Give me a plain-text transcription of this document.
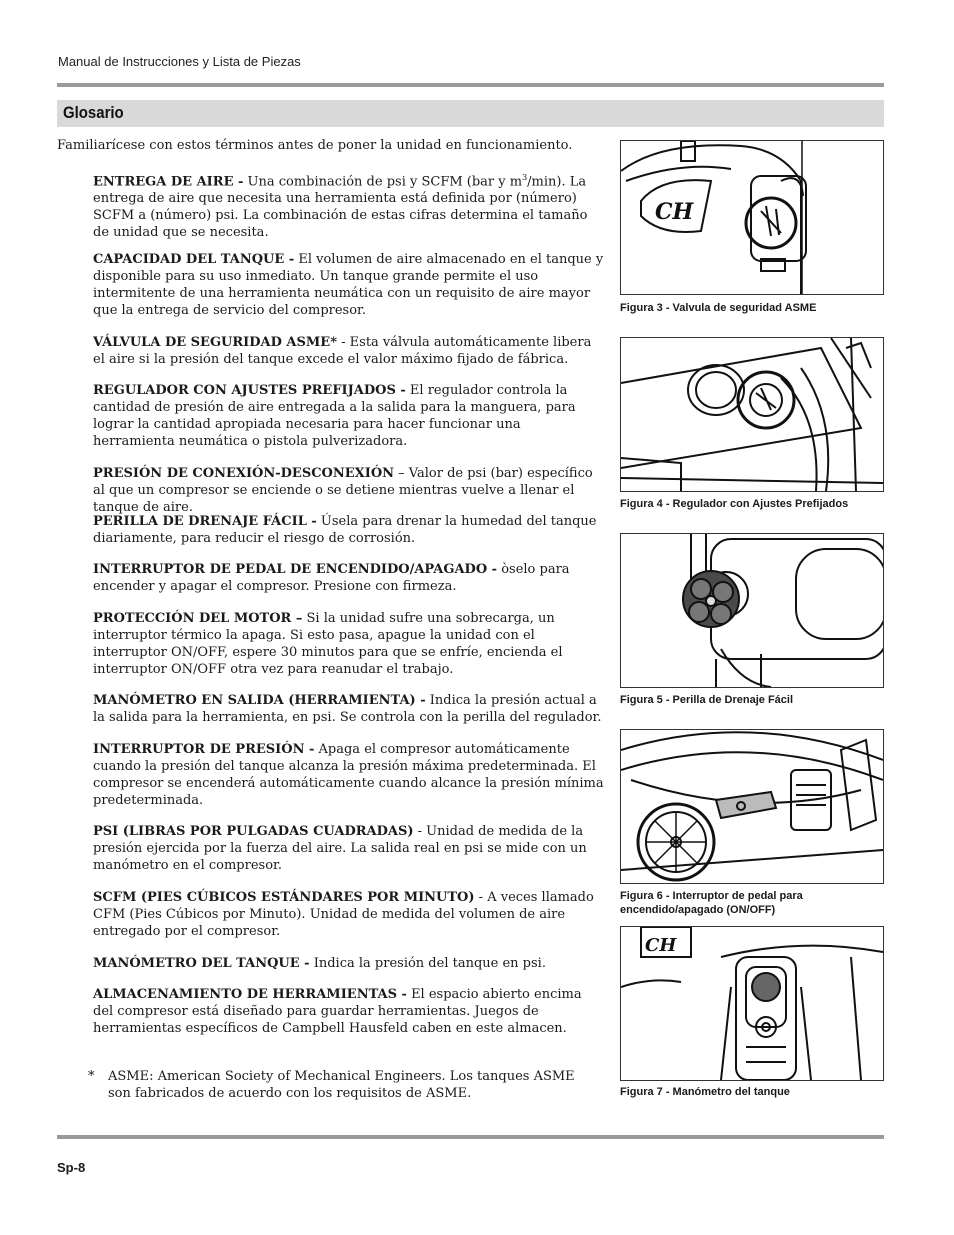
Manual de Instrucciones y Lista de Piezas
Glosario
Familiarícese con estos términos antes de poner la unidad en funcionamiento.
ENTREGA DE AIRE - Una combinación de psi y SCFM (bar y $m^3/\min$). La entrega de aire que necesita una herramienta está definida por (número) SCFM a (número) psi. La combinación de estas cifras determina el tamaño de unidad que se necesita.
CAPACIDAD DEL TANQUE - El volumen de aire almacenado en el tanque y disponible para su uso inmediato. Un tanque grande permite el uso intermitente de una herramienta neumática con un requisito de aire mayor que la entrega de servicio del compresor.
VÁLVULA DE SEGURIDAD ASME* - Esta válvula automáticamente libera el aire si la presión del tanque excede el valor máximo fijado de fábrica.
REGULADOR CON AJUSTES PREFIJADOS - El regulador controla la cantidad de presión de aire entregada a la salida para la manguera, para lograr la cantidad apropiada necesaria para hacer funcionar una herramienta neumática o pistola pulverizadora.
PRESIÓN DE CONEXIÓN-DESCONEXIÓN – Valor de psi (bar) específico al que un compresor se enciende o se detiene mientras vuelve a llenar el tanque de aire.
PERILLA DE DRENAJE FÁCIL - Úsela para drenar la humedad del tanque diariamente, para reducir el riesgo de corrosión.
INTERRUPTOR DE PEDAL DE ENCENDIDO/APAGADO - òselo para encender y apagar el compresor. Presione con firmeza.
PROTECCIÓN DEL MOTOR – Si la unidad sufre una sobrecarga, un interruptor térmico la apaga. Si esto pasa, apague la unidad con el interruptor ON/OFF, espere 30 minutos para que se enfríe, encienda el interruptor ON/OFF otra vez para reanudar el trabajo.
MANÓMETRO EN SALIDA (HERRAMIENTA) - Indica la presión actual a la salida para la herramienta, en psi. Se controla con la perilla del regulador.
INTERRUPTOR DE PRESIÓN - Apaga el compresor automáticamente cuando la presión del tanque alcanza la presión máxima predeterminada. El compresor se encenderá automáticamente cuando alcance la presión mínima predeterminada.
PSI (LIBRAS POR PULGADAS CUADRADAS) - Unidad de medida de la presión ejercida por la fuerza del aire. La salida real en psi se mide con un manómetro en el compresor.
SCFM (PIES CÚBICOS ESTÁNDARES POR MINUTO) - A veces llamado CFM (Pies Cúbicos por Minuto). Unidad de medida del volumen de aire entregado por el compresor.
MANÓMETRO DEL TANQUE - Indica la presión del tanque en psi.
ALMACENAMIENTO DE HERRAMIENTAS - El espacio abierto encima del compresor está diseñado para guardar herramientas. Juegos de herramientas específicos de Campbell Hausfeld caben en este almacen.
* ASME: American Society of Mechanical Engineers. Los tanques ASME son fabricados de acuerdo con los requisitos de ASME.
CH
Figura 3 - Valvula de seguridad ASME
Figura 4 - Regulador con Ajustes Prefijados
Figura 5 - Perilla de Drenaje Fácil
Figura 6 - Interruptor de pedal para encendido/apagado (ON/OFF)
CH
Figura 7 - Manómetro del tanque
Sp-8
